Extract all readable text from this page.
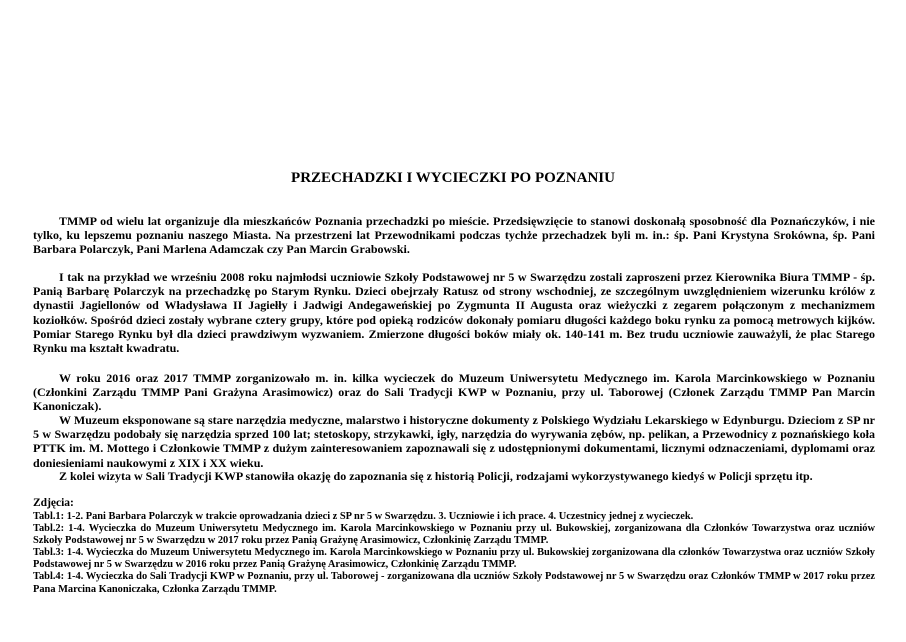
PRZECHADZKI I WYCIECZKI PO POZNANIU

TMMP od wielu lat organizuje dla mieszkańców Poznania przechadzki po mieście. Przedsięwzięcie to stanowi doskonałą sposobność dla Poznańczyków, i nie tylko, ku lepszemu poznaniu naszego Miasta. Na przestrzeni lat Przewodnikami podczas tychże przechadzek byli m. in.: śp. Pani Krystyna Srokówna, śp. Pani Barbara Polarczyk, Pani Marlena Adamczak czy Pan Marcin Grabowski.

I tak na przykład we wrześniu 2008 roku najmłodsi uczniowie Szkoły Podstawowej nr 5 w Swarzędzu zostali zaproszeni przez Kierownika Biura TMMP - śp. Panią Barbarę Polarczyk na przechadzkę po Starym Rynku. Dzieci obejrzały Ratusz od strony wschodniej, ze szczególnym uwzględnieniem wizerunku królów z dynastii Jagiellonów od Władysława II Jagiełły i Jadwigi Andegaweńskiej po Zygmunta II Augusta oraz wieżyczki z zegarem połączonym z mechanizmem koziołków. Spośród dzieci zostały wybrane cztery grupy, które pod opieką rodziców dokonały pomiaru długości każdego boku rynku za pomocą metrowych kijków. Pomiar Starego Rynku był dla dzieci prawdziwym wyzwaniem. Zmierzone długości boków miały ok. 140-141 m. Bez trudu uczniowie zauważyli, że plac Starego Rynku ma kształt kwadratu.

W roku 2016 oraz 2017 TMMP zorganizowało m. in. kilka wycieczek do Muzeum Uniwersytetu Medycznego im. Karola Marcinkowskiego w Poznaniu (Członkini Zarządu TMMP Pani Grażyna Arasimowicz) oraz do Sali Tradycji KWP w Poznaniu, przy ul. Taborowej (Członek Zarządu TMMP Pan Marcin Kanoniczak).

W Muzeum eksponowane są stare narzędzia medyczne, malarstwo i historyczne dokumenty z Polskiego Wydziału Lekarskiego w Edynburgu. Dzieciom z SP nr 5 w Swarzędzu podobały się narzędzia sprzed 100 lat; stetoskopy, strzykawki, igły, narzędzia do wyrywania zębów, np. pelikan, a Przewodnicy z poznańskiego koła PTTK im. M. Mottego i Członkowie TMMP z dużym zainteresowaniem zapoznawali się z udostępnionymi dokumentami, licznymi odznaczeniami, dyplomami oraz doniesieniami naukowymi z XIX i XX wieku.

Z kolei wizyta w Sali Tradycji KWP stanowiła okazję do zapoznania się z historią Policji, rodzajami wykorzystywanego kiedyś w Policji sprzętu itp.

Zdjęcia:

Tabl.1: 1-2. Pani Barbara Polarczyk w trakcie oprowadzania dzieci z SP nr 5 w Swarzędzu. 3. Uczniowie i ich prace. 4. Uczestnicy jednej z wycieczek.

Tabl.2: 1-4. Wycieczka do Muzeum Uniwersytetu Medycznego im. Karola Marcinkowskiego w Poznaniu przy ul. Bukowskiej, zorganizowana dla Członków Towarzystwa oraz uczniów Szkoły Podstawowej nr 5 w Swarzędzu w 2017 roku przez Panią Grażynę Arasimowicz, Członkinię Zarządu TMMP.

Tabl.3: 1-4. Wycieczka do Muzeum Uniwersytetu Medycznego im. Karola Marcinkowskiego w Poznaniu przy ul. Bukowskiej zorganizowana dla członków Towarzystwa oraz uczniów Szkoły Podstawowej nr 5 w Swarzędzu w 2016 roku przez Panią Grażynę Arasimowicz, Członkinię Zarządu TMMP.

Tabl.4: 1-4. Wycieczka do Sali Tradycji KWP w Poznaniu, przy ul. Taborowej - zorganizowana dla uczniów Szkoły Podstawowej nr 5 w Swarzędzu oraz Członków TMMP w 2017 roku przez Pana Marcina Kanoniczaka, Członka Zarządu TMMP.
